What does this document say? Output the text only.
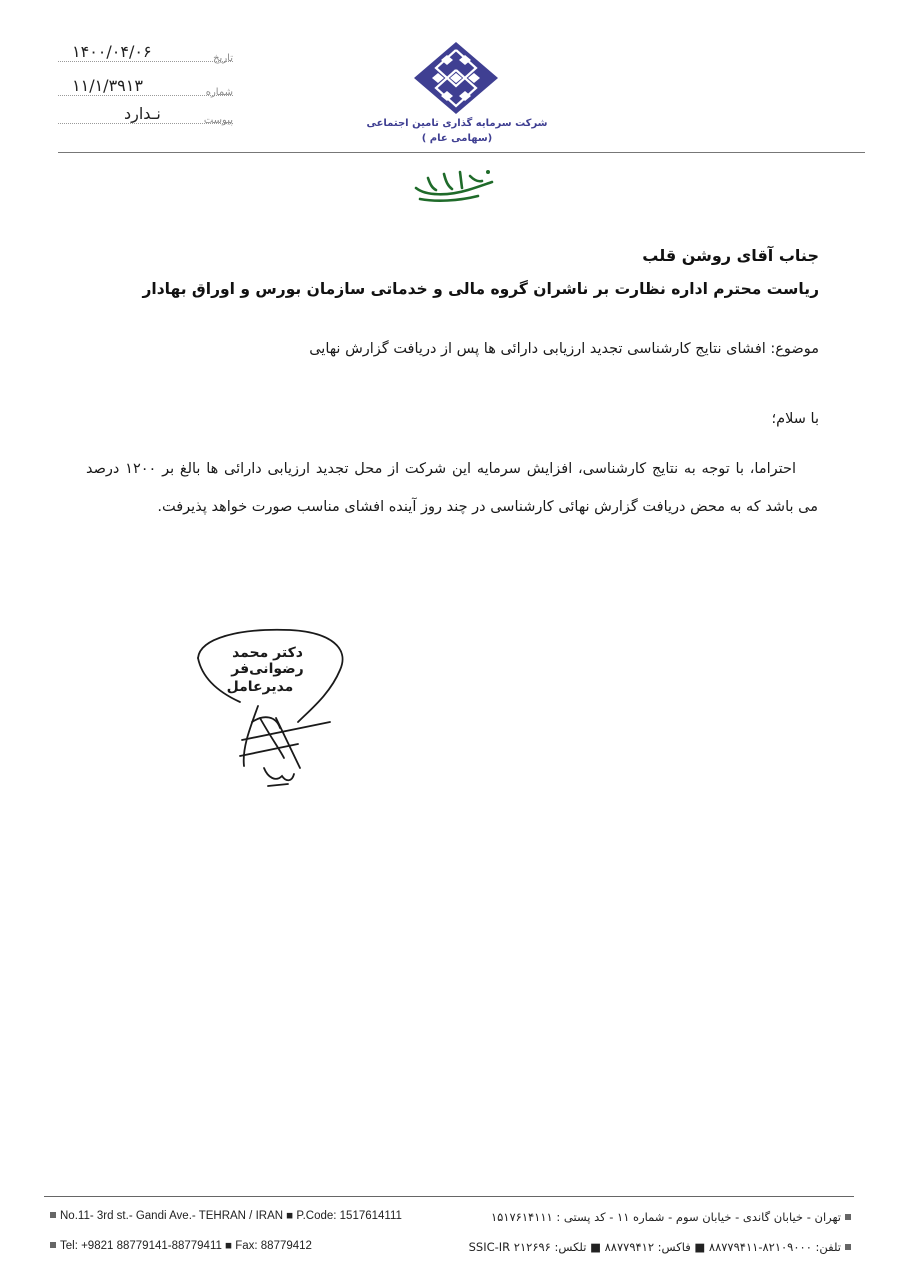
۱۴۰۰/۰۴/۰۶	تاریخ
۱۱/۱/۳۹۱۳	شماره
نـدارد	پیوست	شرکت سرمایه گذاری تامین اجتماعی
(سهامی عام )
جناب آقای روشن قلب
ریاست محترم اداره نظارت بر ناشران گروه مالی و خدماتی سازمان بورس و اوراق بهادار
موضوع: افشای نتایج کارشناسی تجدید ارزیابی دارائی ها پس از دریافت گزارش نهایی
با سلام؛
احتراما، با توجه به نتایج کارشناسی، افزایش سرمایه این شرکت از محل تجدید ارزیابی دارائی ها بالغ بر ۱۲۰۰ درصد می باشد که به محض دریافت گزارش نهائی کارشناسی در چند روز آینده افشای مناسب صورت خواهد پذیرفت.
دکتر محمد رضوانی‌فر
مدیرعامل
تهران - خیابان گاندی - خیابان سوم - شماره ۱۱ - کد پستی : ۱۵۱۷۶۱۴۱۱۱
تلفن: ۸۲۱۰۹۰۰۰-۸۸۷۷۹۴۱۱ ■ فاکس: ۸۸۷۷۹۴۱۲ ■ تلکس: SSIC-IR ۲۱۲۶۹۶
No.11- 3rd st.- Gandi Ave.- TEHRAN / IRAN ■ P.Code: 1517614111
Tel: +9821 88779141-88779411 ■ Fax: 88779412
